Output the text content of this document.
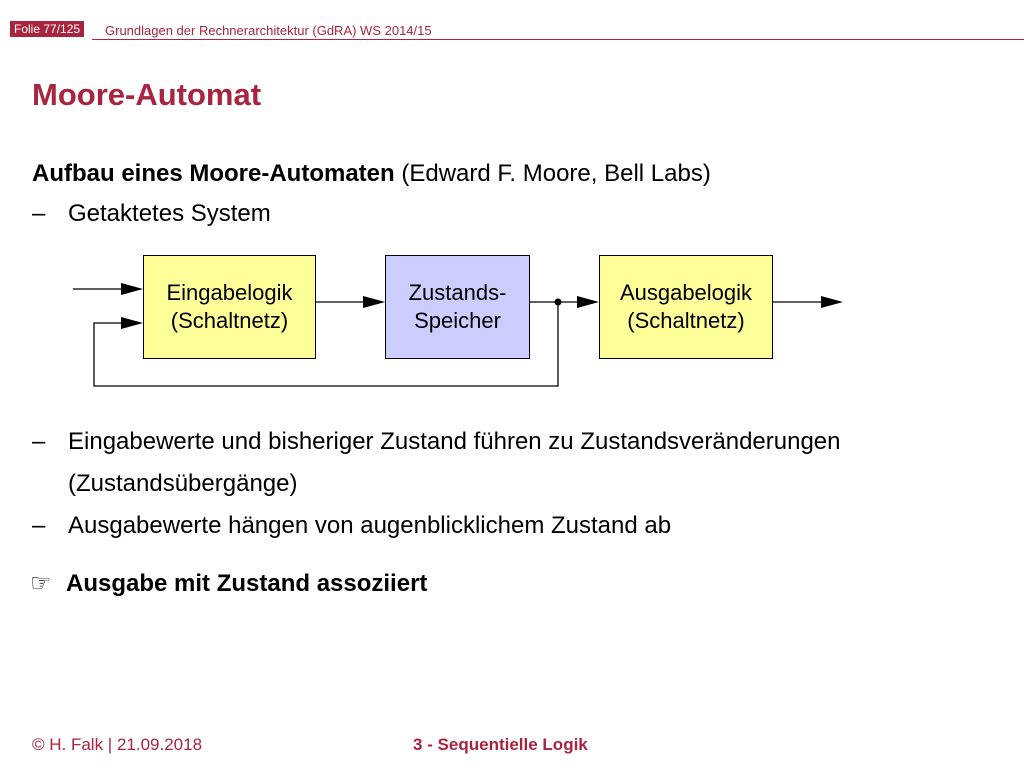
Folie 77/125	Grundlagen der Rechnerarchitektur (GdRA) WS 2014/15
Moore-Automat
Aufbau eines Moore-Automaten (Edward F. Moore, Bell Labs)
– Getaktetes System
Eingabelogik
(Schaltnetz)
Zustands-
Speicher
Ausgabelogik
(Schaltnetz)
– Eingabewerte und bisheriger Zustand führen zu Zustandsveränderungen
(Zustandsübergänge)
– Ausgabewerte hängen von augenblicklichem Zustand ab
☞ Ausgabe mit Zustand assoziiert
© H. Falk | 21.09.2018	3 - Sequentielle Logik
